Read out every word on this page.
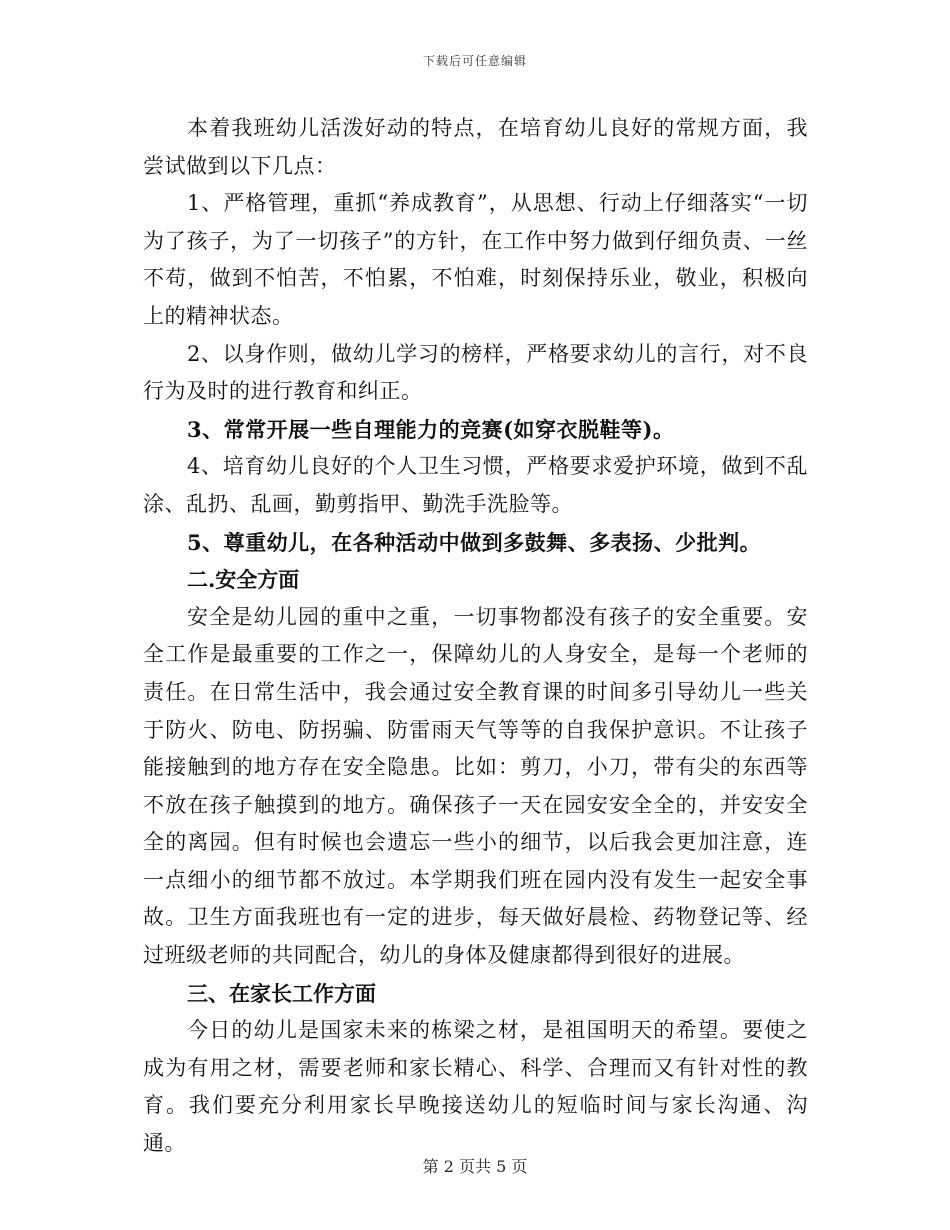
下载后可任意编辑

本着我班幼儿活泼好动的特点，在培育幼儿良好的常规方面，我尝试做到以下几点：

1、严格管理，重抓“养成教育”，从思想、行动上仔细落实“一切为了孩子，为了一切孩子”的方针，在工作中努力做到仔细负责、一丝不苟，做到不怕苦，不怕累，不怕难，时刻保持乐业，敬业，积极向上的精神状态。

2、以身作则，做幼儿学习的榜样，严格要求幼儿的言行，对不良行为及时的进行教育和纠正。

3、常常开展一些自理能力的竞赛(如穿衣脱鞋等)。

4、培育幼儿良好的个人卫生习惯，严格要求爱护环境，做到不乱涂、乱扔、乱画，勤剪指甲、勤洗手洗脸等。

5、尊重幼儿，在各种活动中做到多鼓舞、多表扬、少批判。

二.安全方面

安全是幼儿园的重中之重，一切事物都没有孩子的安全重要。安全工作是最重要的工作之一，保障幼儿的人身安全，是每一个老师的责任。在日常生活中，我会通过安全教育课的时间多引导幼儿一些关于防火、防电、防拐骗、防雷雨天气等等的自我保护意识。不让孩子能接触到的地方存在安全隐患。比如：剪刀，小刀，带有尖的东西等不放在孩子触摸到的地方。确保孩子一天在园安安全全的，并安安全全的离园。但有时候也会遗忘一些小的细节，以后我会更加注意，连一点细小的细节都不放过。本学期我们班在园内没有发生一起安全事故。卫生方面我班也有一定的进步，每天做好晨检、药物登记等、经过班级老师的共同配合，幼儿的身体及健康都得到很好的进展。

三、在家长工作方面

今日的幼儿是国家未来的栋梁之材，是祖国明天的希望。要使之成为有用之材，需要老师和家长精心、科学、合理而又有针对性的教育。我们要充分利用家长早晚接送幼儿的短临时间与家长沟通、沟通。

第 2 页共 5 页
